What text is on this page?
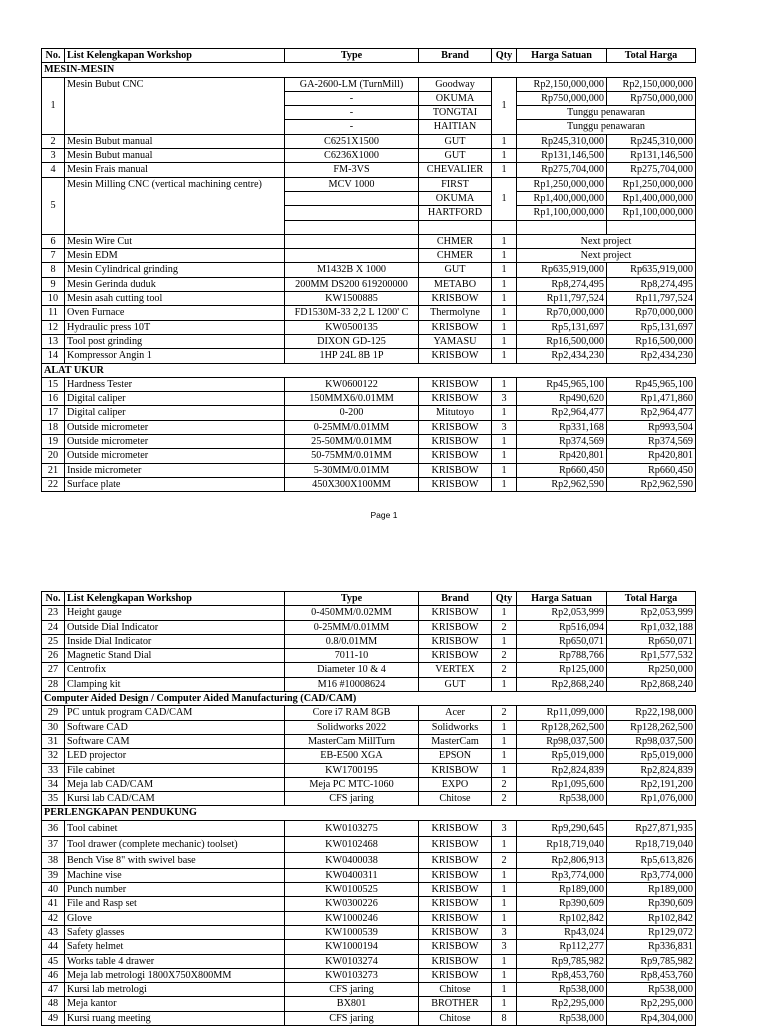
No.	List Kelengkapan Workshop	Type	Brand	Qty	Harga Satuan	Total Harga
MESIN-MESIN						
1	Mesin Bubut CNC	GA-2600-LM (TurnMill)	Goodway	1	Rp2,150,000,000	Rp2,150,000,000
		-	OKUMA		Rp750,000,000	Rp750,000,000
		-	TONGTAI		Tunggu penawaran	
		-	HAITIAN		Tunggu penawaran	
2	Mesin Bubut manual	C6251X1500	GUT	1	Rp245,310,000	Rp245,310,000
3	Mesin Bubut manual	C6236X1000	GUT	1	Rp131,146,500	Rp131,146,500
4	Mesin Frais manual	FM-3VS	CHEVALIER	1	Rp275,704,000	Rp275,704,000
5	Mesin Milling CNC (vertical machining centre)	MCV 1000	FIRST	1	Rp1,250,000,000	Rp1,250,000,000
			OKUMA		Rp1,400,000,000	Rp1,400,000,000
			HARTFORD		Rp1,100,000,000	Rp1,100,000,000

6	Mesin Wire Cut		CHMER	1	Next project	
7	Mesin EDM		CHMER	1	Next project	
8	Mesin Cylindrical grinding	M1432B X 1000	GUT	1	Rp635,919,000	Rp635,919,000
9	Mesin Gerinda duduk	200MM DS200 619200000	METABO	1	Rp8,274,495	Rp8,274,495
10	Mesin asah cutting tool	KW1500885	KRISBOW	1	Rp11,797,524	Rp11,797,524
11	Oven Furnace	FD1530M-33 2,2 L 1200' C	Thermolyne	1	Rp70,000,000	Rp70,000,000
12	Hydraulic press 10T	KW0500135	KRISBOW	1	Rp5,131,697	Rp5,131,697
13	Tool post grinding	DIXON GD-125	YAMASU	1	Rp16,500,000	Rp16,500,000
14	Kompressor Angin 1	1HP 24L 8B 1P	KRISBOW	1	Rp2,434,230	Rp2,434,230
ALAT UKUR						
15	Hardness Tester	KW0600122	KRISBOW	1	Rp45,965,100	Rp45,965,100
16	Digital caliper	150MMX6/0.01MM	KRISBOW	3	Rp490,620	Rp1,471,860
17	Digital caliper	0-200	Mitutoyo	1	Rp2,964,477	Rp2,964,477
18	Outside micrometer	0-25MM/0.01MM	KRISBOW	3	Rp331,168	Rp993,504
19	Outside micrometer	25-50MM/0.01MM	KRISBOW	1	Rp374,569	Rp374,569
20	Outside micrometer	50-75MM/0.01MM	KRISBOW	1	Rp420,801	Rp420,801
21	Inside micrometer	5-30MM/0.01MM	KRISBOW	1	Rp660,450	Rp660,450
22	Surface plate	450X300X100MM	KRISBOW	1	Rp2,962,590	Rp2,962,590
Page 1
No.	List Kelengkapan Workshop	Type	Brand	Qty	Harga Satuan	Total Harga
23	Height gauge	0-450MM/0.02MM	KRISBOW	1	Rp2,053,999	Rp2,053,999
24	Outside Dial Indicator	0-25MM/0.01MM	KRISBOW	2	Rp516,094	Rp1,032,188
25	Inside Dial Indicator	0.8/0.01MM	KRISBOW	1	Rp650,071	Rp650,071
26	Magnetic Stand Dial	7011-10	KRISBOW	2	Rp788,766	Rp1,577,532
27	Centrofix	Diameter 10 & 4	VERTEX	2	Rp125,000	Rp250,000
28	Clamping kit	M16 #10008624	GUT	1	Rp2,868,240	Rp2,868,240
Computer Aided Design / Computer Aided Manufacturing (CAD/CAM)						
29	PC untuk program CAD/CAM	Core i7 RAM 8GB	Acer	2	Rp11,099,000	Rp22,198,000
30	Software CAD	Solidworks 2022	Solidworks	1	Rp128,262,500	Rp128,262,500
31	Software CAM	MasterCam MillTurn	MasterCam	1	Rp98,037,500	Rp98,037,500
32	LED projector	EB-E500 XGA	EPSON	1	Rp5,019,000	Rp5,019,000
33	File cabinet	KW1700195	KRISBOW	1	Rp2,824,839	Rp2,824,839
34	Meja lab CAD/CAM	Meja PC MTC-1060	EXPO	2	Rp1,095,600	Rp2,191,200
35	Kursi lab CAD/CAM	CFS jaring	Chitose	2	Rp538,000	Rp1,076,000
PERLENGKAPAN PENDUKUNG						
36	Tool cabinet	KW0103275	KRISBOW	3	Rp9,290,645	Rp27,871,935
37	Tool drawer (complete mechanic) toolset)	KW0102468	KRISBOW	1	Rp18,719,040	Rp18,719,040
38	Bench Vise 8" with swivel base	KW0400038	KRISBOW	2	Rp2,806,913	Rp5,613,826
39	Machine vise	KW0400311	KRISBOW	1	Rp3,774,000	Rp3,774,000
40	Punch number	KW0100525	KRISBOW	1	Rp189,000	Rp189,000
41	File and Rasp set	KW0300226	KRISBOW	1	Rp390,609	Rp390,609
42	Glove	KW1000246	KRISBOW	1	Rp102,842	Rp102,842
43	Safety glasses	KW1000539	KRISBOW	3	Rp43,024	Rp129,072
44	Safety helmet	KW1000194	KRISBOW	3	Rp112,277	Rp336,831
45	Works table 4 drawer	KW0103274	KRISBOW	1	Rp9,785,982	Rp9,785,982
46	Meja lab metrologi 1800X750X800MM	KW0103273	KRISBOW	1	Rp8,453,760	Rp8,453,760
47	Kursi lab metrologi	CFS jaring	Chitose	1	Rp538,000	Rp538,000
48	Meja kantor	BX801	BROTHER	1	Rp2,295,000	Rp2,295,000
49	Kursi ruang meeting	CFS jaring	Chitose	8	Rp538,000	Rp4,304,000
